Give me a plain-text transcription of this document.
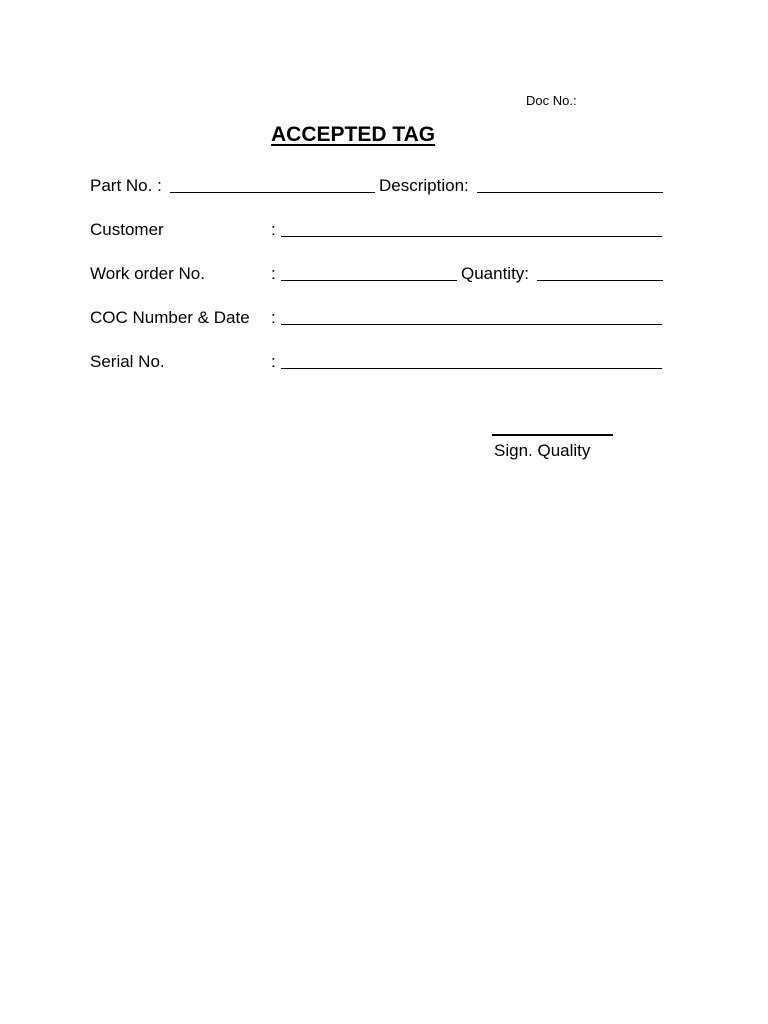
Doc No.:
ACCEPTED TAG
Part No. :	Description:
Customer	:
Work order No.	:	Quantity:
COC Number & Date :
Serial No.	:
Sign. Quality
